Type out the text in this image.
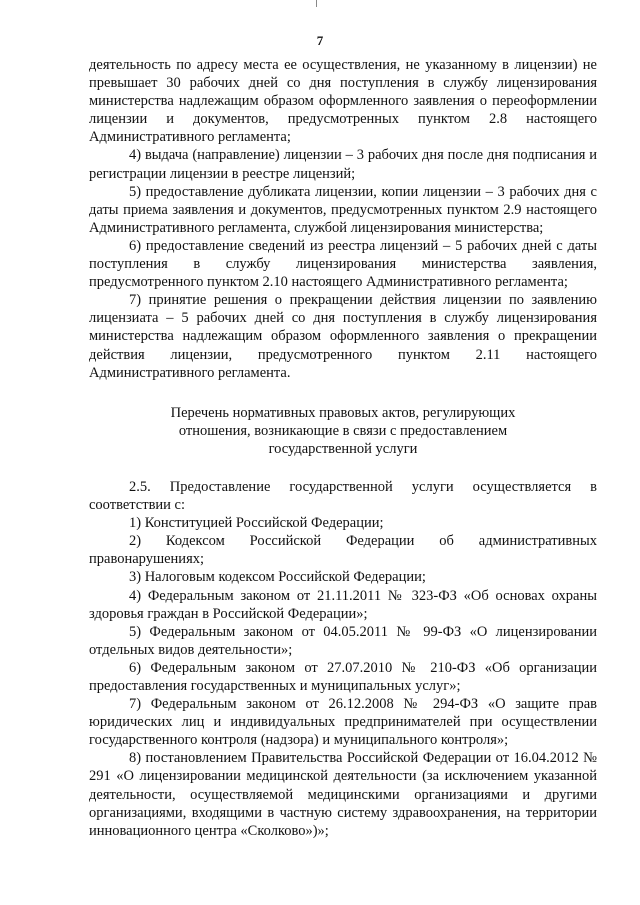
7

деятельность по адресу места ее осуществления, не указанному в лицензии) не превышает 30 рабочих дней со дня поступления в службу лицензирования министерства надлежащим образом оформленного заявления о переоформлении лицензии и документов, предусмотренных пунктом 2.8 настоящего Административного регламента;

4) выдача (направление) лицензии – 3 рабочих дня после дня подписания и регистрации лицензии в реестре лицензий;

5) предоставление дубликата лицензии, копии лицензии – 3 рабочих дня с даты приема заявления и документов, предусмотренных пунктом 2.9 настоящего Административного регламента, службой лицензирования министерства;

6) предоставление сведений из реестра лицензий – 5 рабочих дней с даты поступления в службу лицензирования министерства заявления, предусмотренного пунктом 2.10 настоящего Административного регламента;

7) принятие решения о прекращении действия лицензии по заявлению лицензиата – 5 рабочих дней со дня поступления в службу лицензирования министерства надлежащим образом оформленного заявления о прекращении действия лицензии, предусмотренного пунктом 2.11 настоящего Административного регламента.

Перечень нормативных правовых актов, регулирующих
отношения, возникающие в связи с предоставлением
государственной услуги

2.5. Предоставление государственной услуги осуществляется в соответствии с:

1) Конституцией Российской Федерации;

2) Кодексом Российской Федерации об административных правонарушениях;

3) Налоговым кодексом Российской Федерации;

4) Федеральным законом от 21.11.2011 № 323-ФЗ «Об основах охраны здоровья граждан в Российской Федерации»;

5) Федеральным законом от 04.05.2011 № 99-ФЗ «О лицензировании отдельных видов деятельности»;

6) Федеральным законом от 27.07.2010 № 210-ФЗ «Об организации предоставления государственных и муниципальных услуг»;

7) Федеральным законом от 26.12.2008 № 294-ФЗ «О защите прав юридических лиц и индивидуальных предпринимателей при осуществлении государственного контроля (надзора) и муниципального контроля»;

8) постановлением Правительства Российской Федерации от 16.04.2012 № 291 «О лицензировании медицинской деятельности (за исключением указанной деятельности, осуществляемой медицинскими организациями и другими организациями, входящими в частную систему здравоохранения, на территории инновационного центра «Сколково»)»;
